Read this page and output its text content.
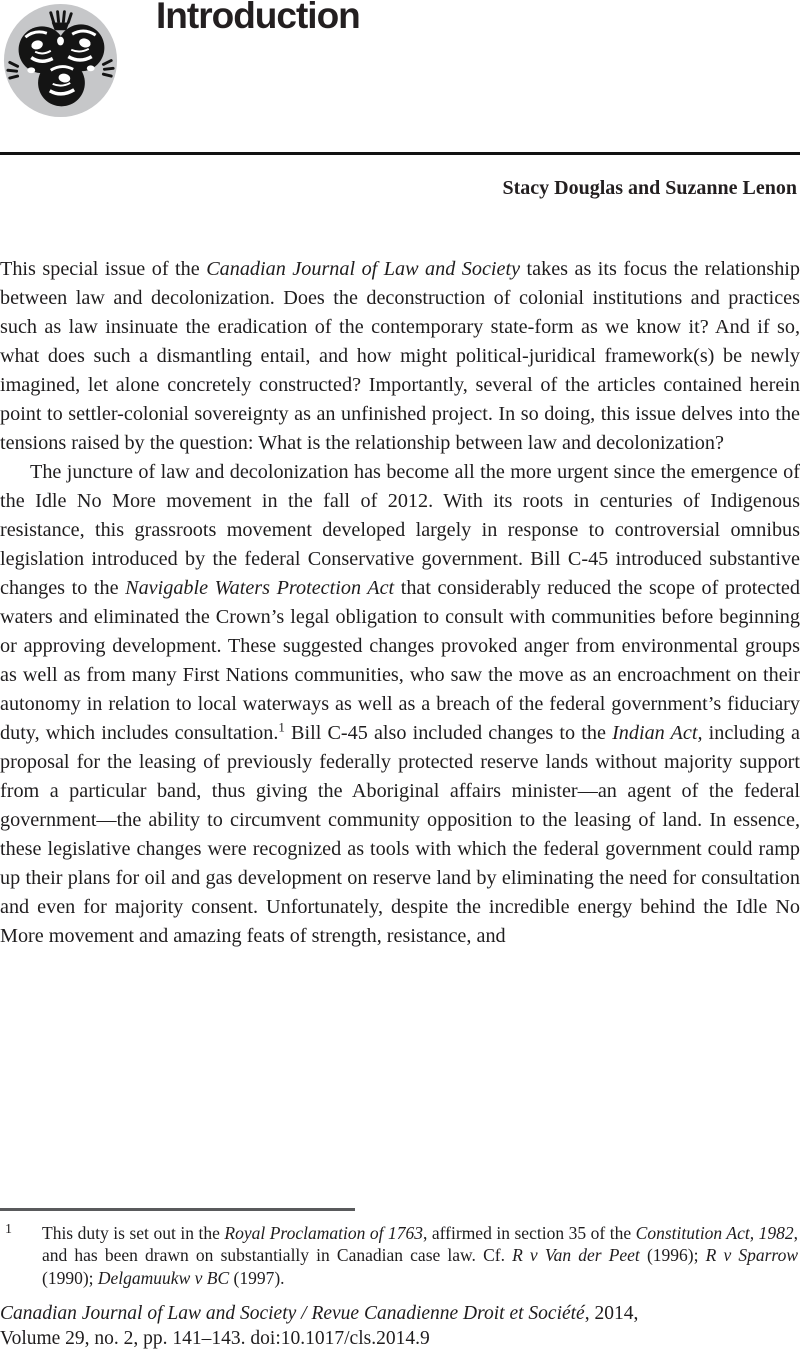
Introduction
Stacy Douglas and Suzanne Lenon

This special issue of the Canadian Journal of Law and Society takes as its focus the relationship between law and decolonization. Does the deconstruction of colonial institutions and practices such as law insinuate the eradication of the contemporary state-form as we know it? And if so, what does such a dismantling entail, and how might political-juridical framework(s) be newly imagined, let alone concretely constructed? Importantly, several of the articles contained herein point to settler-colonial sovereignty as an unfinished project. In so doing, this issue delves into the tensions raised by the question: What is the relationship between law and decolonization?

The juncture of law and decolonization has become all the more urgent since the emergence of the Idle No More movement in the fall of 2012. With its roots in centuries of Indigenous resistance, this grassroots movement developed largely in response to controversial omnibus legislation introduced by the federal Conservative government. Bill C-45 introduced substantive changes to the Navigable Waters Protection Act that considerably reduced the scope of protected waters and eliminated the Crown’s legal obligation to consult with communities before beginning or approving development. These suggested changes provoked anger from environmental groups as well as from many First Nations communities, who saw the move as an encroachment on their autonomy in relation to local waterways as well as a breach of the federal government’s fiduciary duty, which includes consultation.$^1$ Bill C-45 also included changes to the Indian Act, including a proposal for the leasing of previously federally protected reserve lands without majority support from a particular band, thus giving the Aboriginal affairs minister—an agent of the federal government—the ability to circumvent community opposition to the leasing of land. In essence, these legislative changes were recognized as tools with which the federal government could ramp up their plans for oil and gas development on reserve land by eliminating the need for consultation and even for majority consent. Unfortunately, despite the incredible energy behind the Idle No More movement and amazing feats of strength, resistance, and

1 This duty is set out in the Royal Proclamation of 1763, affirmed in section 35 of the Constitution Act, 1982, and has been drawn on substantially in Canadian case law. Cf. R v Van der Peet (1996); R v Sparrow (1990); Delgamuukw v BC (1997).
Canadian Journal of Law and Society / Revue Canadienne Droit et Société, 2014,
Volume 29, no. 2, pp. 141–143. doi:10.1017/cls.2014.9
